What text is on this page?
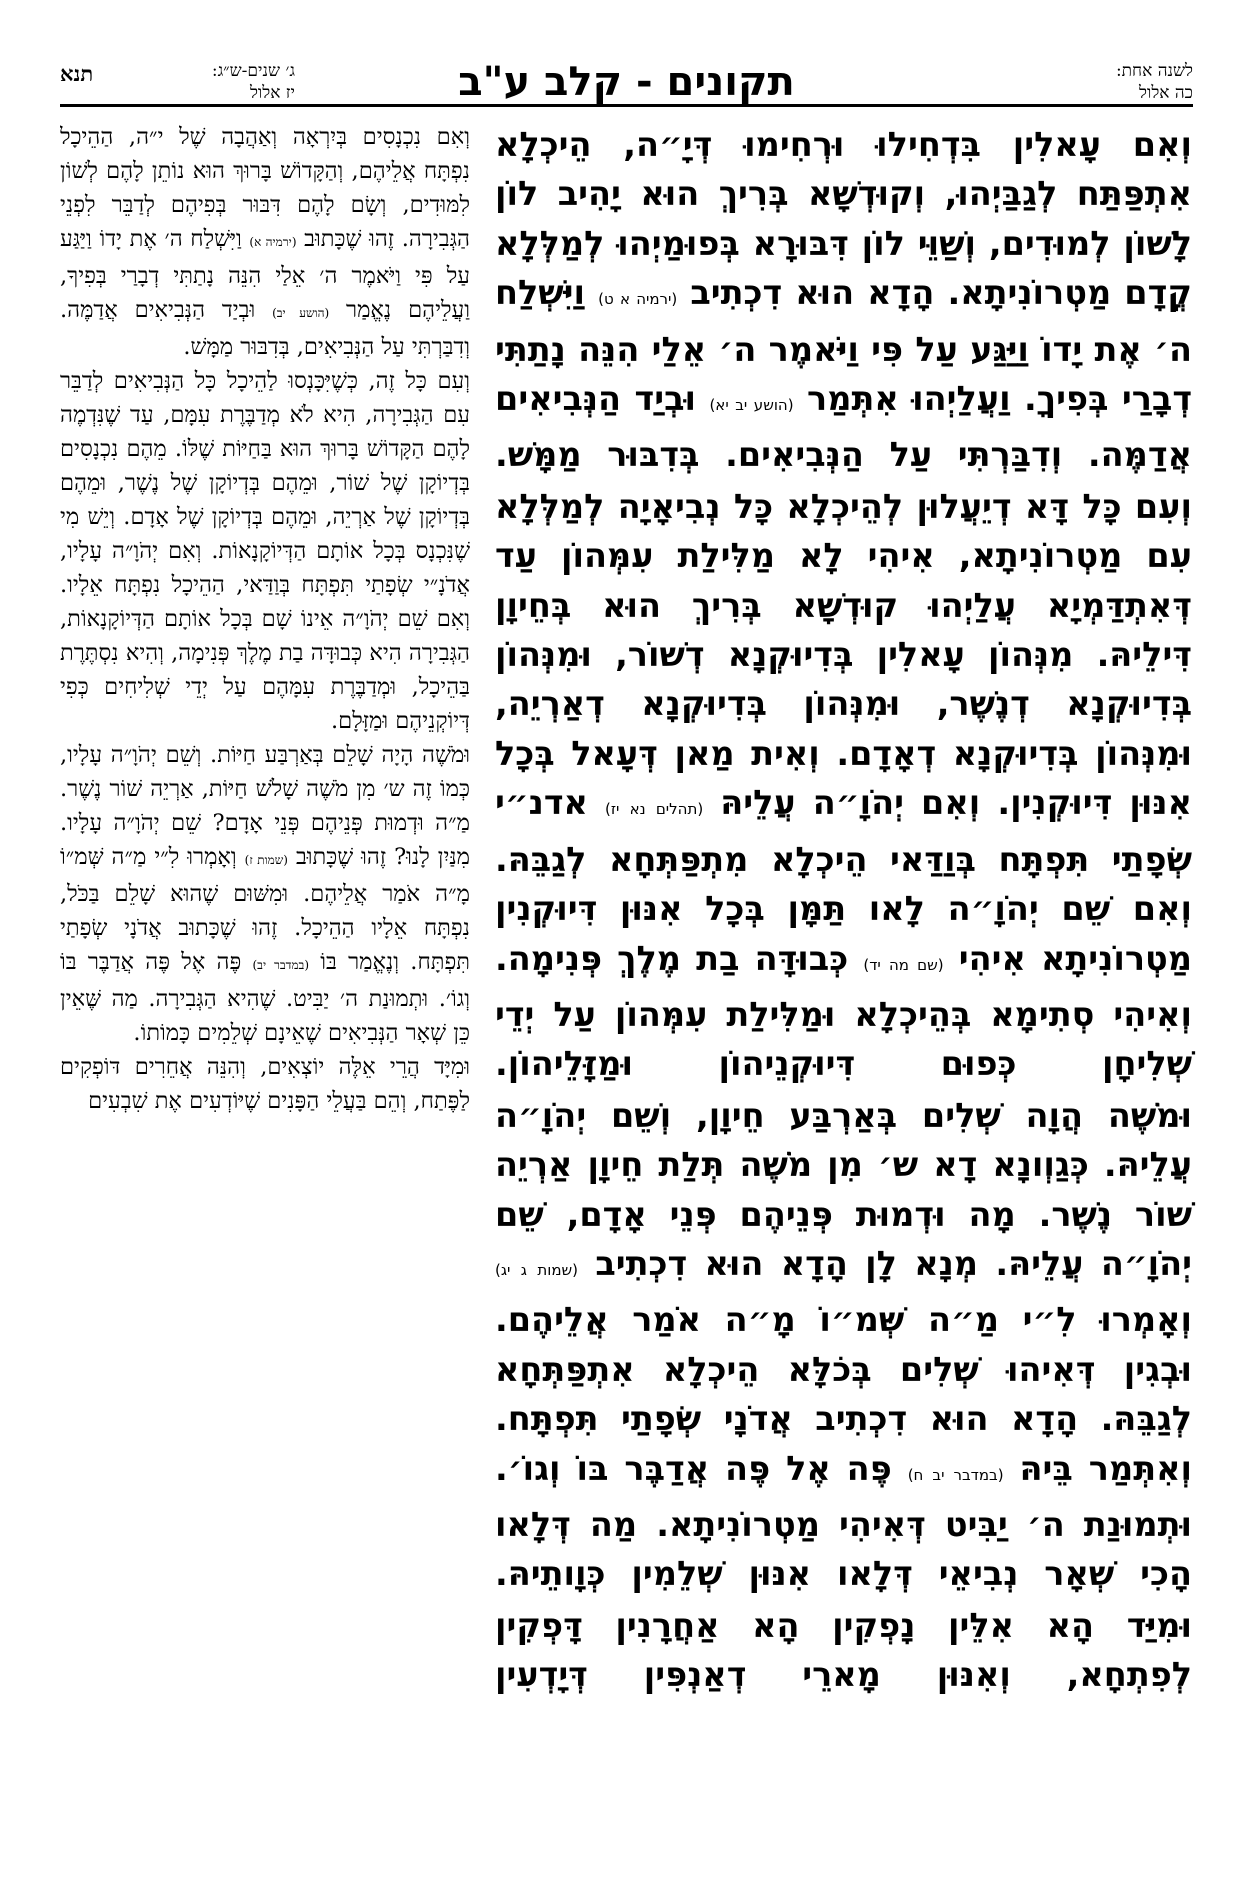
לשנה אחת:
כה אלול
תקונים - קלב ע"ב
תנא	ג׳ שנים-ש״ג:
יז אלול

וְאִם עָאלִין בִּדְחִילוּ וּרְחִימוּ דְּיָ״ה, הֵיכְלָא אִתְפַּתַּח לְגַבַּיְהוּ, וְקוּדְשָׁא בְּרִיךְ הוּא יָהִיב לוֹן לָשׁוֹן לְמוּדִים, וְשַׁוֵּי לוֹן דִּבּוּרָא בְּפוּמַיְהוּ לְמַלְּלָא קֳדָם מַטְרוֹנִיתָא. הָדָא הוּא דִכְתִיב (ירמיה א ט) וַיִּשְׁלַח ה׳ אֶת יָדוֹ וַיַּגַּע עַל פִּי וַיֹּאמֶר ה׳ אֵלַי הִנֵּה נָתַתִּי דְבָרַי בְּפִיךָ. וַעֲלַיְהוּ אִתְּמַר (הושע יב יא) וּבְיַד הַנְּבִיאִים אֲדַמֶּה. וְדִבַּרְתִּי עַל הַנְּבִיאִים. בְּדִבּוּר מַמָּשׁ.

וְעִם כָּל דָּא דְיֵעֲלוּן לְהֵיכְלָא כָּל נְבִיאָיָה לְמַלְּלָא עִם מַטְרוֹנִיתָא, אִיהִי לָא מַלִּילַת עִמְּהוֹן עַד דְּאִתְדַּמְיָא עֲלַיְהוּ קוּדְשָׁא בְּרִיךְ הוּא בְּחֵיוָן דִּילֵיהּ. מִנְּהוֹן עָאלִין בְּדִיוּקְנָא דְשׁוֹר, וּמִנְּהוֹן בְּדִיוּקְנָא דְנֶשֶׁר, וּמִנְּהוֹן בְּדִיוּקְנָא דְאַרְיֵה, וּמִנְּהוֹן בְּדִיוּקְנָא דְאָדָם. וְאִית מַאן דְּעָאל בְּכָל אִנּוּן דִּיוּקְנִין. וְאִם יְהֹוָ״ה עֲלֵיהּ (תהלים נא יז) אדנ״י שְׂפָתַי תִּפְתָּח בְּוַדַּאי הֵיכְלָא מִתְפַּתְּחָא לְגַבֵּהּ. וְאִם שֵׁם יְהֹוָ״ה לָאו תַּמָּן בְּכָל אִנּוּן דִּיוּקְנִין מַטְרוֹנִיתָא אִיהִי (שם מה יד) כְּבוּדָּה בַת מֶלֶךְ פְּנִימָה. וְאִיהִי סְתִימָא בְּהֵיכְלָא וּמַלִּילַת עִמְּהוֹן עַל יְדֵי שְׁלִיחָן כְּפוּם דִּיוּקְנֵיהוֹן וּמַזָּלֵיהוֹן.

וּמֹשֶׁה הֲוָה שְׁלִים בְּאַרְבַּע חֵיוָן, וְשֵׁם יְהֹוָ״ה עֲלֵיהּ. כְּגַוְונָא דָא ש׳ מִן מֹשֶׁה תְּלַת חֵיוָן אַרְיֵה שׁוֹר נֶשֶׁר. מָה וּדְמוּת פְּנֵיהֶם פְּנֵי אָדָם, שֵׁם יְהֹוָ״ה עֲלֵיהּ. מְנָא לָן הָדָא הוּא דִכְתִיב (שמות ג יג) וְאָמְרוּ לִ״י מַ״ה שְּׁמ״וֹ מָ״ה אֹמַר אֲלֵיהֶם. וּבְגִין דְּאִיהוּ שְׁלִים בְּכֹלָּא הֵיכְלָא אִתְפַּתְּחָא לְגַבֵּהּ. הָדָא הוּא דִכְתִיב אֲדֹנָי שְׂפָתַי תִּפְתָּח. וְאִתְּמַר בֵּיהּ (במדבר יב ח) פֶּה אֶל פֶּה אֲדַבֶּר בּוֹ וְגוֹ׳. וּתְמוּנַת ה׳ יַבִּיט דְּאִיהִי מַטְרוֹנִיתָא. מַה דְּלָאו הָכִי שְׁאָר נְבִיאֵי דְּלָאו אִנּוּן שְׁלֵמִין כְּוָותֵיהּ.

וּמִיַּד הָא אִלֵּין נָפְקִין הָא אַחֲרָנִין דָּפְקִין לְפִתְחָא, וְאִנּוּן מָארֵי דְאַנְפִּין דְּיָדְעִין

וְאִם נִכְנָסִים בְּיִרְאָה וְאַהֲבָה שֶׁל י״ה, הַהֵיכָל נִפְתָּח אֲלֵיהֶם, וְהַקָּדוֹשׁ בָּרוּךְ הוּא נוֹתֵן לָהֶם לְשׁוֹן לִמּוּדִים, וְשָׂם לָהֶם דִּבּוּר בְּפִיהֶם לְדַבֵּר לִפְנֵי הַגְּבִירָה. זֶהוּ שֶׁכָּתוּב (ירמיה א) וַיִּשְׁלַח ה׳ אֶת יָדוֹ וַיַּגַּע עַל פִּי וַיֹּאמֶר ה׳ אֵלַי הִנֵּה נָתַתִּי דְבָרַי בְּפִיךָ, וַעֲלֵיהֶם נֶאֱמַר (הושע יב) וּבְיַד הַנְּבִיאִים אֲדַמֶּה. וְדִבַּרְתִּי עַל הַנְּבִיאִים, בְּדִבּוּר מַמָּשׁ.

וְעִם כָּל זֶה, כְּשֶׁיִּכָּנְסוּ לַהֵיכָל כָּל הַנְּבִיאִים לְדַבֵּר עִם הַגְּבִירָה, הִיא לֹא מְדַבֶּרֶת עִמָּם, עַד שֶׁנִּדְמֶה לָהֶם הַקָּדוֹשׁ בָּרוּךְ הוּא בַּחַיּוֹת שֶׁלּוֹ. מֵהֶם נִכְנָסִים בְּדְיוֹקָן שֶׁל שׁוֹר, וּמֵהֶם בְּדְיוֹקָן שֶׁל נֶשֶׁר, וּמֵהֶם בְּדְיוֹקָן שֶׁל אַרְיֵה, וּמֵהֶם בְּדְיוֹקָן שֶׁל אָדָם. וְיֵשׁ מִי שֶׁנִּכְנָס בְּכָל אוֹתָם הַדְּיוֹקָנָאוֹת. וְאִם יְהֹוָ״ה עָלָיו, אֲדֹנָ״י שְׂפָתַי תִּפְתָּח בְּוַדַּאי, הַהֵיכָל נִפְתָּח אֵלָיו. וְאִם שֵׁם יְהֹוָ״ה אֵינוֹ שָׁם בְּכָל אוֹתָם הַדְּיוֹקָנָאוֹת, הַגְּבִירָה הִיא כְּבוּדָּה בַת מֶלֶךְ פְּנִימָה, וְהִיא נִסְתֶּרֶת בַּהֵיכָל, וּמְדַבֶּרֶת עִמָּהֶם עַל יְדֵי שְׁלִיחִים כְּפִי דְּיוֹקְנֵיהֶם וּמַזָּלָם.

וּמֹשֶׁה הָיָה שָׁלֵם בְּאַרְבַּע חַיּוֹת. וְשֵׁם יְהֹוָ״ה עָלָיו, כְּמוֹ זֶה ש׳ מִן מֹשֶׁה שָׁלֹשׁ חַיּוֹת, אַרְיֵה שׁוֹר נֶשֶׁר. מַ״ה וּדְמוּת פְּנֵיהֶם פְּנֵי אָדָם? שֵׁם יְהֹוָ״ה עָלָיו. מִנַּיִן לָנוּ? זֶהוּ שֶׁכָּתוּב (שמות ז) וְאָמְרוּ לִ״י מַ״ה שְּׁמ״וֹ מָ״ה אֹמַר אֲלֵיהֶם. וּמִשּׁוּם שֶׁהוּא שָׁלֵם בַּכֹּל, נִפְתָּח אֵלָיו הַהֵיכָל. זֶהוּ שֶׁכָּתוּב אֲדֹנָי שְׂפָתַי תִּפְתָּח. וְנֶאֱמַר בּוֹ (במדבר יב) פֶּה אֶל פֶּה אֲדַבֶּר בּוֹ וְגוֹ׳. וּתְמוּנַת ה׳ יַבִּיט. שֶׁהִיא הַגְּבִירָה. מַה שֶּׁאֵין כֵּן שְׁאָר הַנְּבִיאִים שֶׁאֵינָם שְׁלֵמִים כָּמוֹתוֹ.

וּמִיָּד הֲרֵי אֵלֶּה יוֹצְאִים, וְהִנֵּה אֲחֵרִים דּוֹפְקִים לַפֶּתַח, וְהֵם בַּעֲלֵי הַפָּנִים שֶׁיּוֹדְעִים אֶת שִׁבְעִים
